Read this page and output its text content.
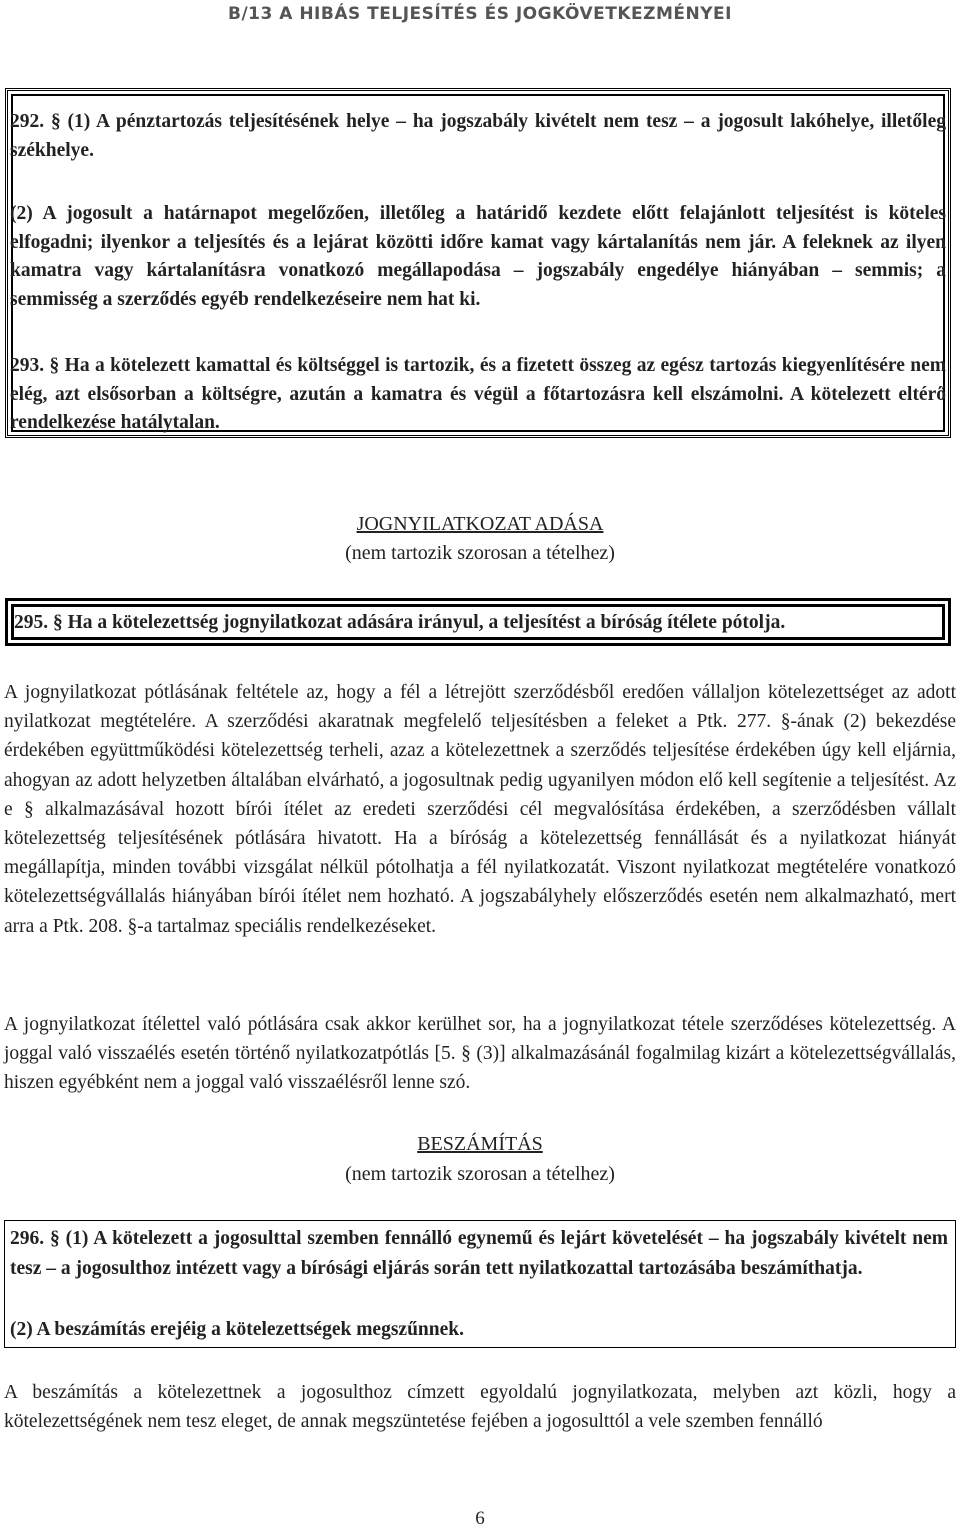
B/13 A HIBÁS TELJESÍTÉS ÉS JOGKÖVETKEZMÉNYEI
292. § (1) A pénztartozás teljesítésének helye – ha jogszabály kivételt nem tesz – a jogosult lakóhelye, illetőleg székhelye.
(2) A jogosult a határnapot megelőzően, illetőleg a határidő kezdete előtt felajánlott teljesítést is köteles elfogadni; ilyenkor a teljesítés és a lejárat közötti időre kamat vagy kártalanítás nem jár. A feleknek az ilyen kamatra vagy kártalanításra vonatkozó megállapodása – jogszabály engedélye hiányában – semmis; a semmisség a szerződés egyéb rendelkezéseire nem hat ki.
293. § Ha a kötelezett kamattal és költséggel is tartozik, és a fizetett összeg az egész tartozás kiegyenlítésére nem elég, azt elsősorban a költségre, azután a kamatra és végül a főtartozásra kell elszámolni. A kötelezett eltérő rendelkezése hatálytalan.
JOGNYILATKOZAT ADÁSA
(nem tartozik szorosan a tételhez)
295. § Ha a kötelezettség jognyilatkozat adására irányul, a teljesítést a bíróság ítélete pótolja.
A jognyilatkozat pótlásának feltétele az, hogy a fél a létrejött szerződésből eredően vállaljon kötelezettséget az adott nyilatkozat megtételére. A szerződési akaratnak megfelelő teljesítésben a feleket a Ptk. 277. §-ának (2) bekezdése érdekében együttműködési kötelezettség terheli, azaz a kötelezettnek a szerződés teljesítése érdekében úgy kell eljárnia, ahogyan az adott helyzetben általában elvárható, a jogosultnak pedig ugyanilyen módon elő kell segítenie a teljesítést. Az e § alkalmazásával hozott bírói ítélet az eredeti szerződési cél megvalósítása érdekében, a szerződésben vállalt kötelezettség teljesítésének pótlására hivatott. Ha a bíróság a kötelezettség fennállását és a nyilatkozat hiányát megállapítja, minden további vizsgálat nélkül pótolhatja a fél nyilatkozatát. Viszont nyilatkozat megtételére vonatkozó kötelezettségvállalás hiányában bírói ítélet nem hozható. A jogszabályhely előszerződés esetén nem alkalmazható, mert arra a Ptk. 208. §-a tartalmaz speciális rendelkezéseket.
A jognyilatkozat ítélettel való pótlására csak akkor kerülhet sor, ha a jognyilatkozat tétele szerződéses kötelezettség. A joggal való visszaélés esetén történő nyilatkozatpótlás [5. § (3)] alkalmazásánál fogalmilag kizárt a kötelezettségvállalás, hiszen egyébként nem a joggal való visszaélésről lenne szó.
BESZÁMÍTÁS
(nem tartozik szorosan a tételhez)
296. § (1) A kötelezett a jogosulttal szemben fennálló egynemű és lejárt követelését – ha jogszabály kivételt nem tesz – a jogosulthoz intézett vagy a bírósági eljárás során tett nyilatkozattal tartozásába beszámíthatja.
(2) A beszámítás erejéig a kötelezettségek megszűnnek.
A beszámítás a kötelezettnek a jogosulthoz címzett egyoldalú jognyilatkozata, melyben azt közli, hogy a kötelezettségének nem tesz eleget, de annak megszüntetése fejében a jogosulttól a vele szemben fennálló
6
